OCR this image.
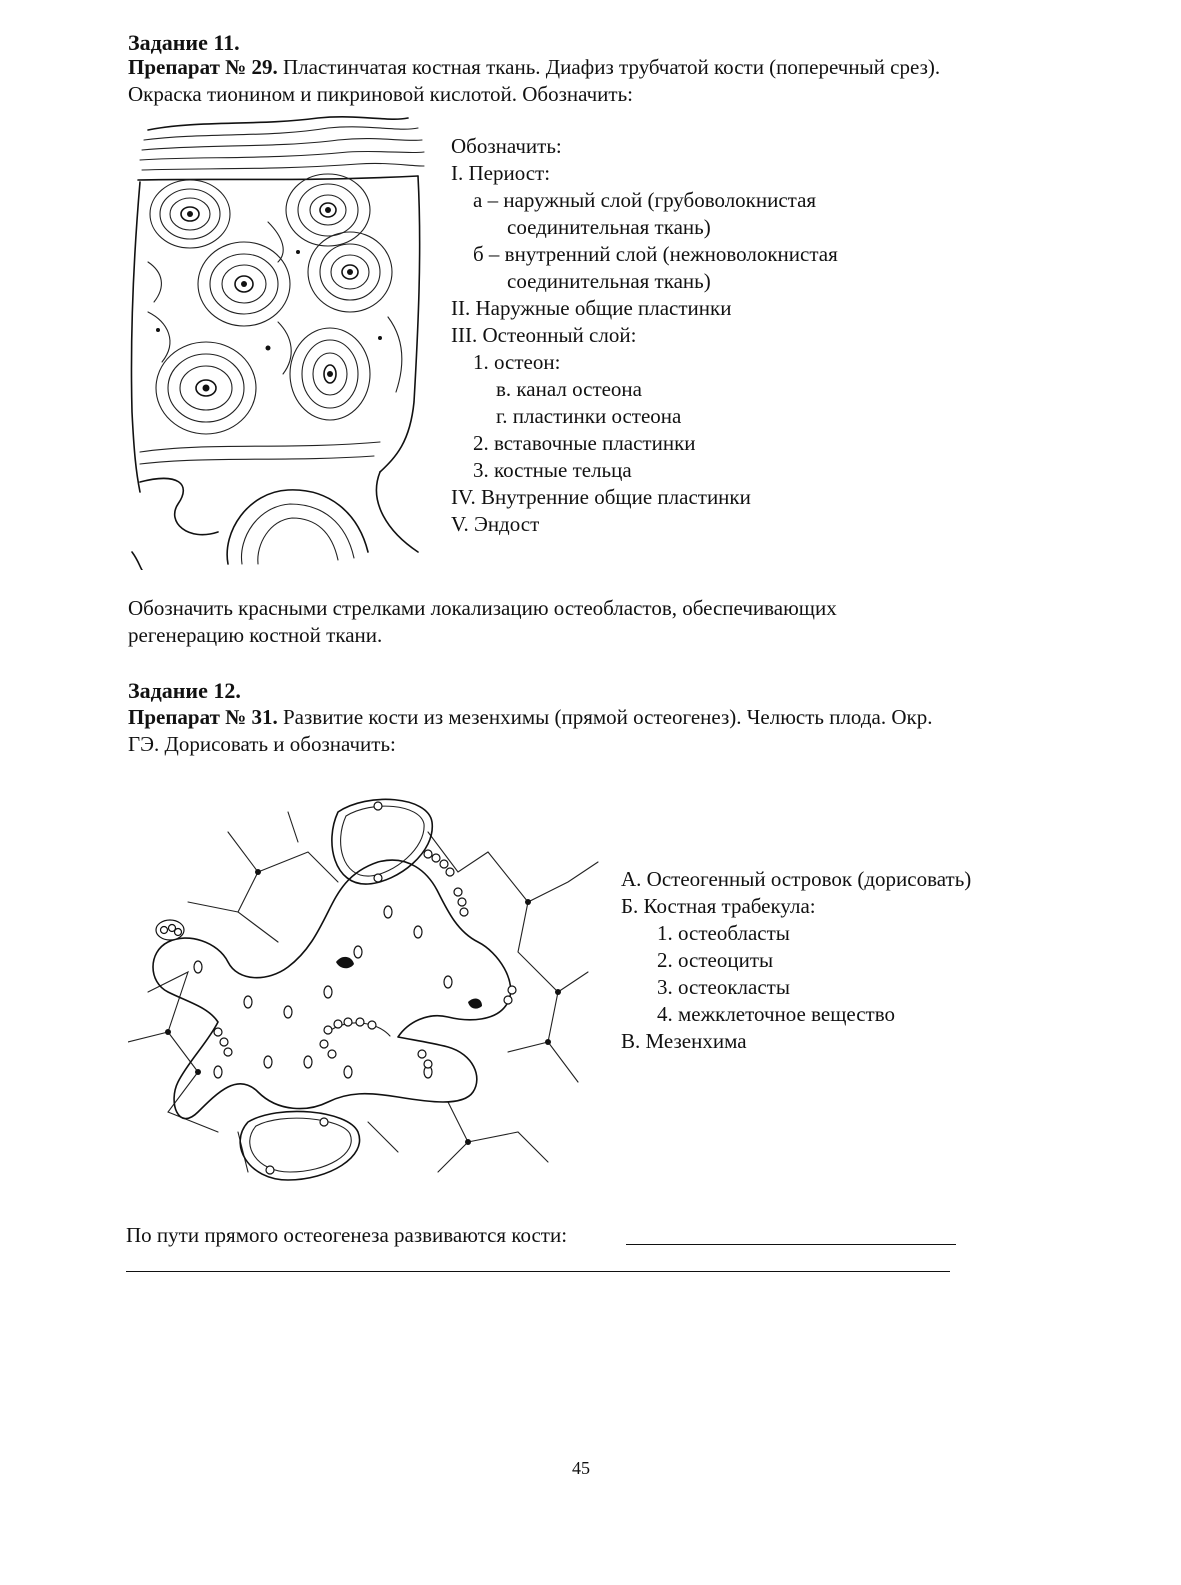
Задание 11.
Препарат № 29. Пластинчатая костная ткань. Диафиз трубчатой кости (поперечный срез).
Окраска тионином и пикриновой кислотой. Обозначить:
Обозначить:
I. Периост:
а – наружный слой (грубоволокнистая
соединительная ткань)
б – внутренний слой (нежноволокнистая
соединительная ткань)
II. Наружные общие пластинки
III. Остеонный слой:
1. остеон:
в. канал остеона
г. пластинки остеона
2. вставочные пластинки
3. костные тельца
IV. Внутренние общие пластинки
V. Эндост
Обозначить красными стрелками локализацию остеобластов, обеспечивающих
регенерацию костной ткани.
Задание 12.
Препарат № 31. Развитие кости из мезенхимы (прямой остеогенез). Челюсть плода. Окр.
ГЭ. Дорисовать и обозначить:
А. Остеогенный островок (дорисовать)
Б. Костная трабекула:
1. остеобласты
2. остеоциты
3. остеокласты
4. межклеточное вещество
В. Мезенхима
По пути прямого остеогенеза развиваются кости:
45
